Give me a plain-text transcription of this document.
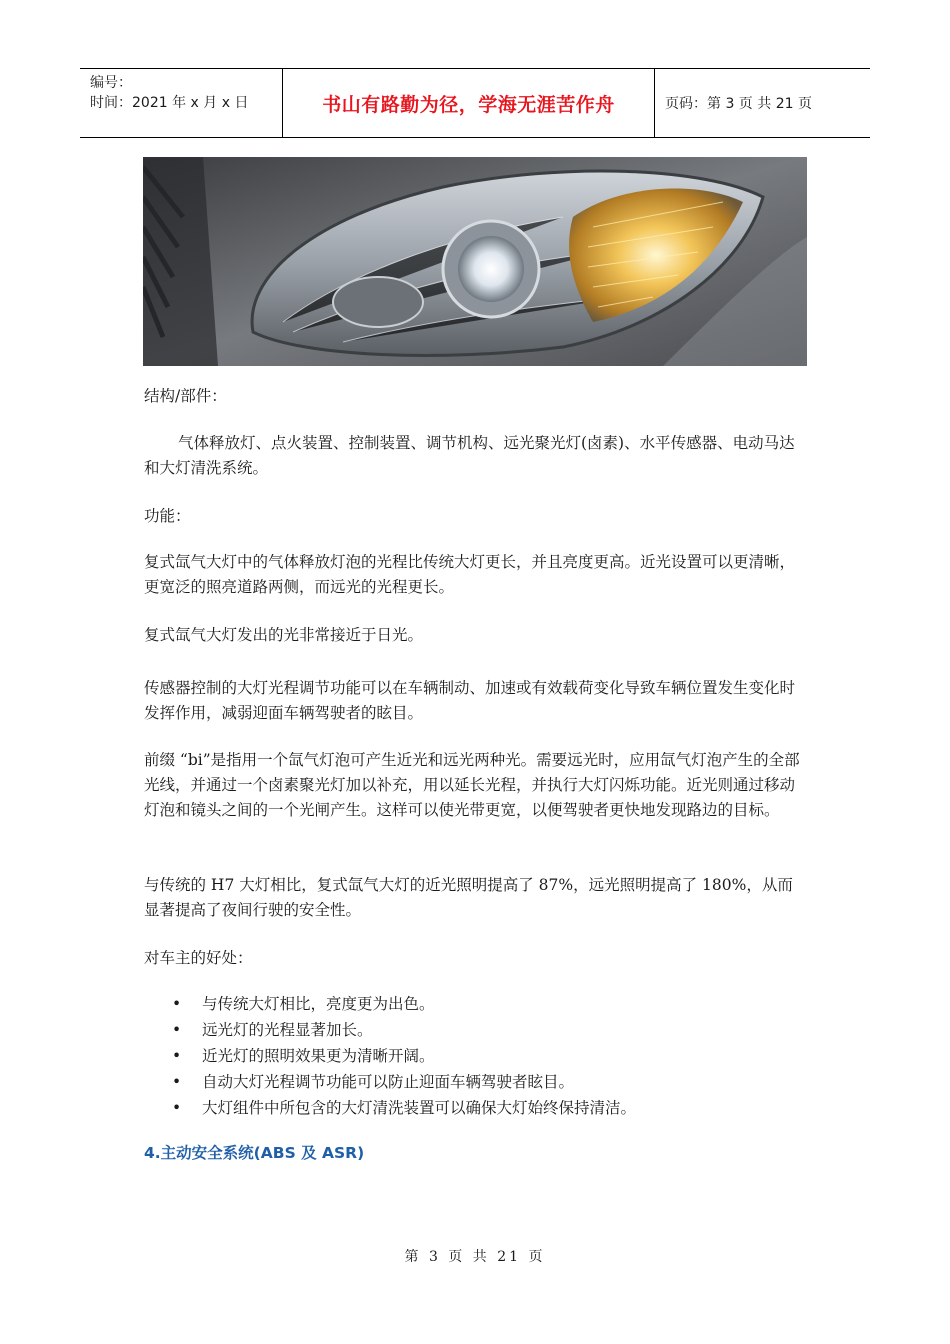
编号：
时间：2021 年 x 月 x 日	书山有路勤为径，学海无涯苦作舟	页码：第 3 页 共 21 页
结构/部件：
气体释放灯、点火装置、控制装置、调节机构、远光聚光灯(卤素)、水平传感器、电动马达和大灯清洗系统。
功能：
复式氙气大灯中的气体释放灯泡的光程比传统大灯更长，并且亮度更高。近光设置可以更清晰，更宽泛的照亮道路两侧，而远光的光程更长。
复式氙气大灯发出的光非常接近于日光。
传感器控制的大灯光程调节功能可以在车辆制动、加速或有效载荷变化导致车辆位置发生变化时发挥作用，减弱迎面车辆驾驶者的眩目。
前缀 “bi”是指用一个氙气灯泡可产生近光和远光两种光。需要远光时，应用氙气灯泡产生的全部光线，并通过一个卤素聚光灯加以补充，用以延长光程，并执行大灯闪烁功能。近光则通过移动灯泡和镜头之间的一个光闸产生。这样可以使光带更宽，以便驾驶者更快地发现路边的目标。
与传统的 H7 大灯相比，复式氙气大灯的近光照明提高了 87%，远光照明提高了 180%，从而显著提高了夜间行驶的安全性。
对车主的好处：
• 与传统大灯相比，亮度更为出色。
• 远光灯的光程显著加长。
• 近光灯的照明效果更为清晰开阔。
• 自动大灯光程调节功能可以防止迎面车辆驾驶者眩目。
• 大灯组件中所包含的大灯清洗装置可以确保大灯始终保持清洁。
4.主动安全系统(ABS 及 ASR)
第 3 页 共 21 页
